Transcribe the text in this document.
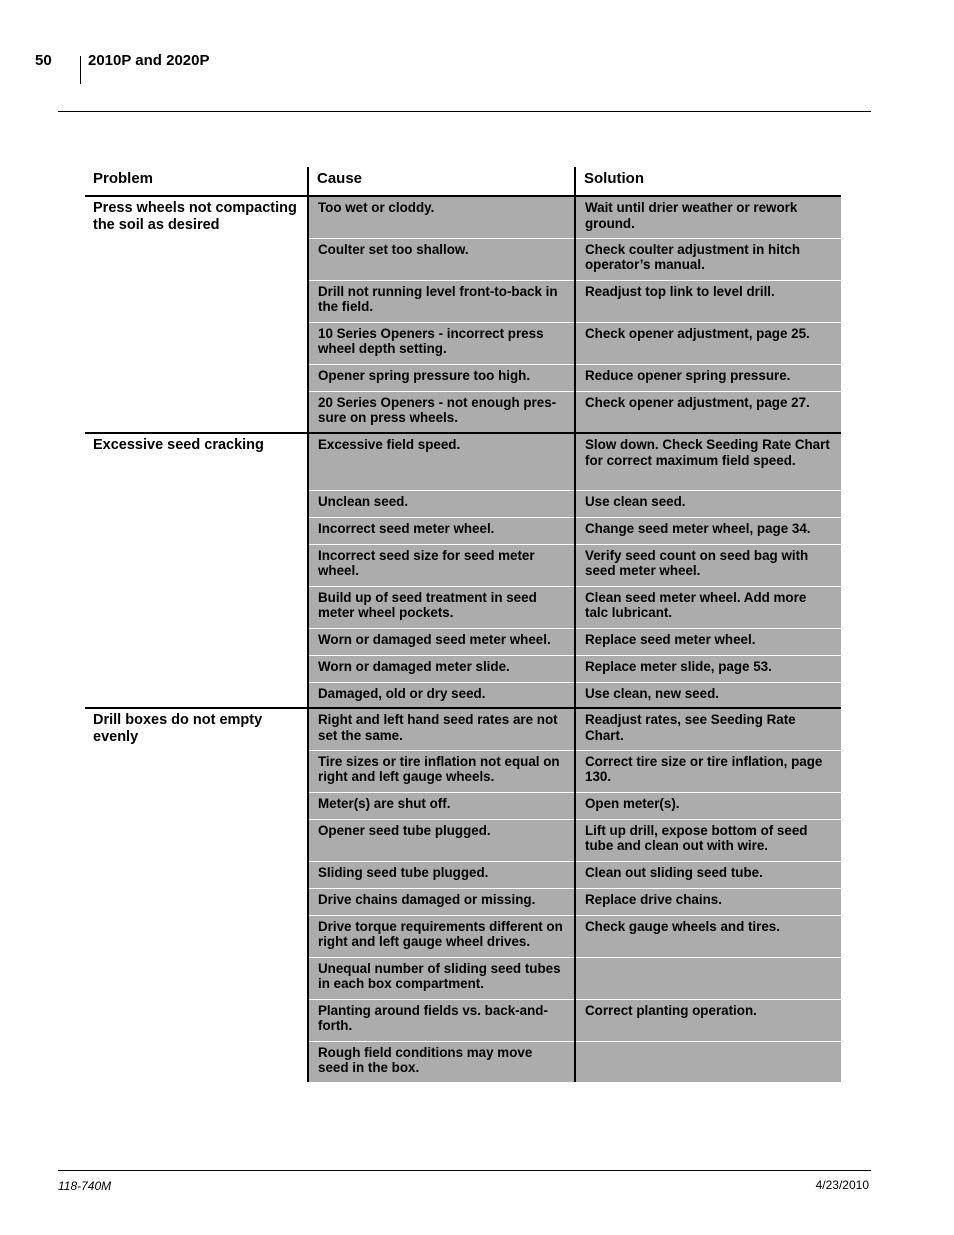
50 2010P and 2020P
Problem	Cause	Solution
Press wheels not compacting the soil as desired	Too wet or cloddy.	Wait until drier weather or rework ground.
	Coulter set too shallow.	Check coulter adjustment in hitch operator’s manual.
	Drill not running level front-to-back in the field.	Readjust top link to level drill.
	10 Series Openers - incorrect press wheel depth setting.	Check opener adjustment, page 25.
	Opener spring pressure too high.	Reduce opener spring pressure.
	20 Series Openers - not enough pres-sure on press wheels.	Check opener adjustment, page 27.
Excessive seed cracking	Excessive field speed.	Slow down. Check Seeding Rate Chart for correct maximum field speed.
	Unclean seed.	Use clean seed.
	Incorrect seed meter wheel.	Change seed meter wheel, page 34.
	Incorrect seed size for seed meter wheel.	Verify seed count on seed bag with seed meter wheel.
	Build up of seed treatment in seed meter wheel pockets.	Clean seed meter wheel. Add more talc lubricant.
	Worn or damaged seed meter wheel.	Replace seed meter wheel.
	Worn or damaged meter slide.	Replace meter slide, page 53.
	Damaged, old or dry seed.	Use clean, new seed.
Drill boxes do not empty evenly	Right and left hand seed rates are not set the same.	Readjust rates, see Seeding Rate Chart.
	Tire sizes or tire inflation not equal on right and left gauge wheels.	Correct tire size or tire inflation, page 130.
	Meter(s) are shut off.	Open meter(s).
	Opener seed tube plugged.	Lift up drill, expose bottom of seed tube and clean out with wire.
	Sliding seed tube plugged.	Clean out sliding seed tube.
	Drive chains damaged or missing.	Replace drive chains.
	Drive torque requirements different on right and left gauge wheel drives.	Check gauge wheels and tires.
	Unequal number of sliding seed tubes in each box compartment.	
	Planting around fields vs. back-and-forth.	Correct planting operation.
	Rough field conditions may move seed in the box.	
118-740M	4/23/2010
